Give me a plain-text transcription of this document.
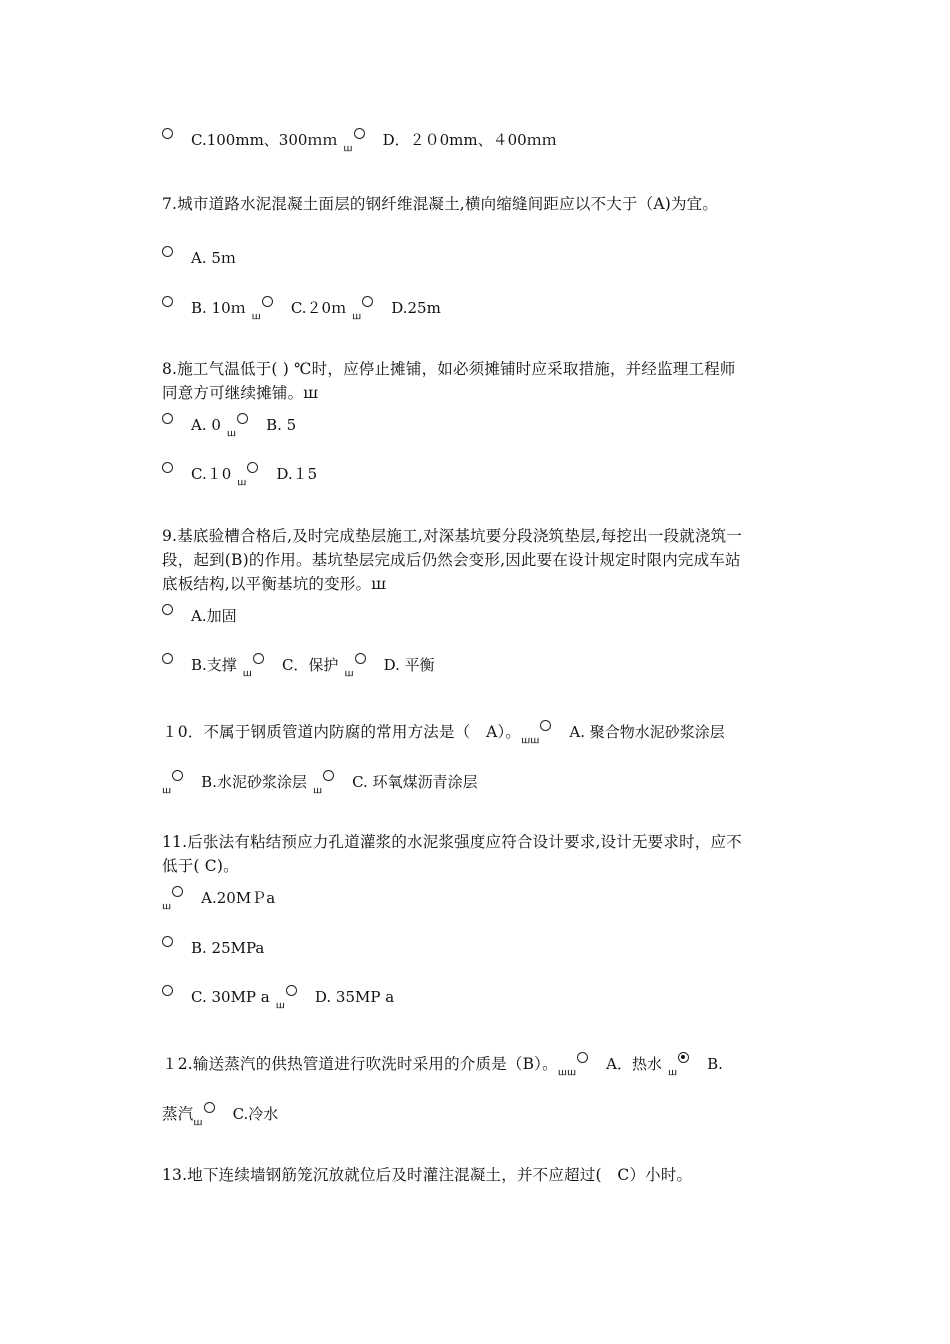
C.100mm、300ｍｍ ꟺ D．２０0mm、４00ｍｍ
7.城市道路水泥混凝土面层的钢纤维混凝土,横向缩缝间距应以不大于（A)为宜。
A. 5ｍ
B. 10ｍ ꟺ C.２0ｍ ꟺ D.25m
8.施工气温低于( ) ℃时，应停止摊铺，如必须摊铺时应采取措施，并经监理工程师
同意方可继续摊铺。ꟺ
A. 0 ꟺ B. 5
C.１0 ꟺ D.１5
9.基底验槽合格后,及时完成垫层施工,对深基坑要分段浇筑垫层,每挖出一段就浇筑一
段，起到(B)的作用。基坑垫层完成后仍然会变形,因此要在设计规定时限内完成车站
底板结构,以平衡基坑的变形。ꟺ
A.加固
B.支撑 ꟺ C．保护 ꟺ D. 平衡
１0．不属于钢质管道内防腐的常用方法是（　A）。ꟺꟺ A. 聚合物水泥砂浆涂层
ꟺ B.水泥砂浆涂层 ꟺ C. 环氧煤沥青涂层
11.后张法有粘结预应力孔道灌浆的水泥浆强度应符合设计要求,设计无要求时，应不
低于( C)。
ꟺ A.20MＰa
B. 25MPa
C. 30MP a ꟺ D. 35MP a
１2.输送蒸汽的供热管道进行吹洗时采用的介质是（B）。ꟺꟺ A．热水 ꟺ B.
蒸汽ꟺ C.冷水
13.地下连续墙钢筋笼沉放就位后及时灌注混凝土，并不应超过(　C）小时。
